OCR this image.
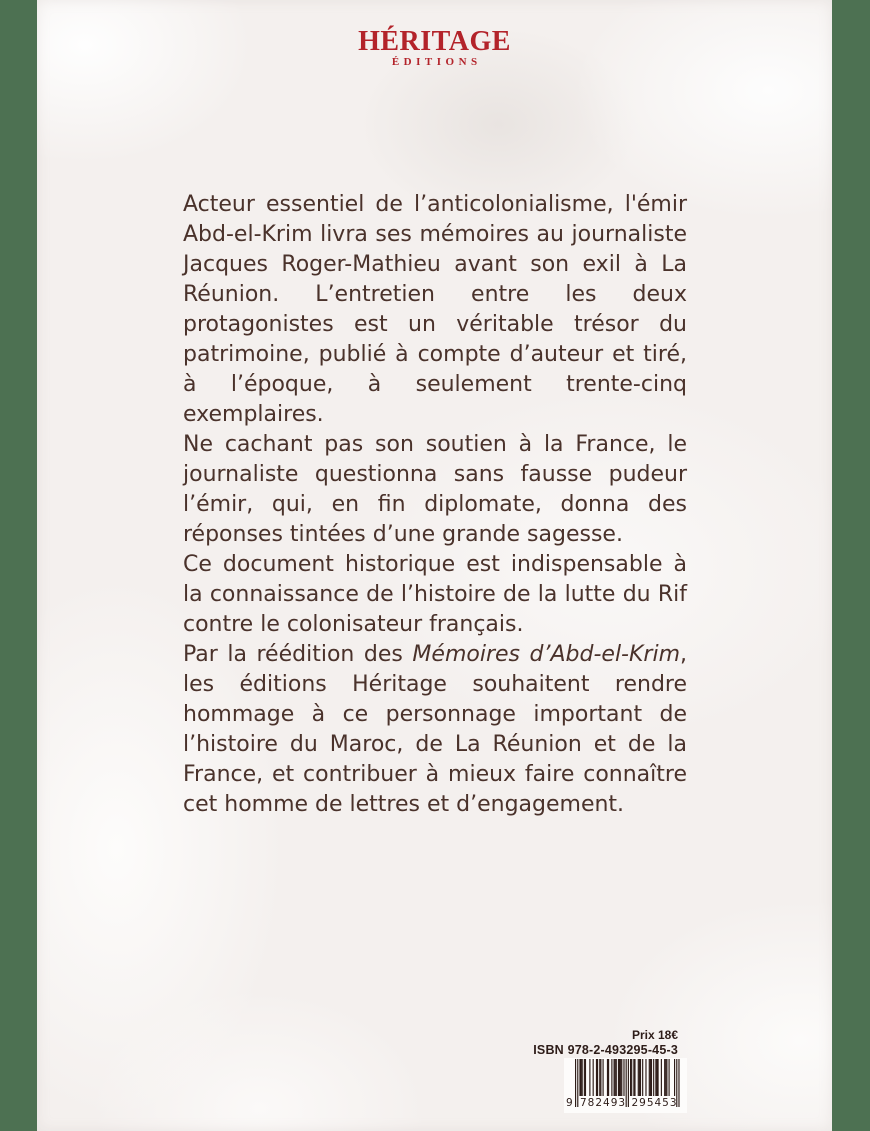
HÉRITAGE
ÉDITIONS

Acteur essentiel de l’anticolonialisme, l'émir Abd-el-Krim livra ses mémoires au journaliste Jacques Roger-Mathieu avant son exil à La Réunion. L’entretien entre les deux protagonistes est un véritable trésor du patrimoine, publié à compte d’auteur et tiré, à l’époque, à seulement trente-cinq exemplaires.

Ne cachant pas son soutien à la France, le journaliste questionna sans fausse pudeur l’émir, qui, en fin diplomate, donna des réponses tintées d’une grande sagesse.

Ce document historique est indispensable à la connaissance de l’histoire de la lutte du Rif contre le colonisateur français.

Par la réédition des Mémoires d’Abd-el-Krim, les éditions Héritage souhaitent rendre hommage à ce personnage important de l’histoire du Maroc, de La Réunion et de la France, et contribuer à mieux faire connaître cet homme de lettres et d’engagement.

Prix 18€
ISBN 978-2-493295-45-3
9 782493 295453
